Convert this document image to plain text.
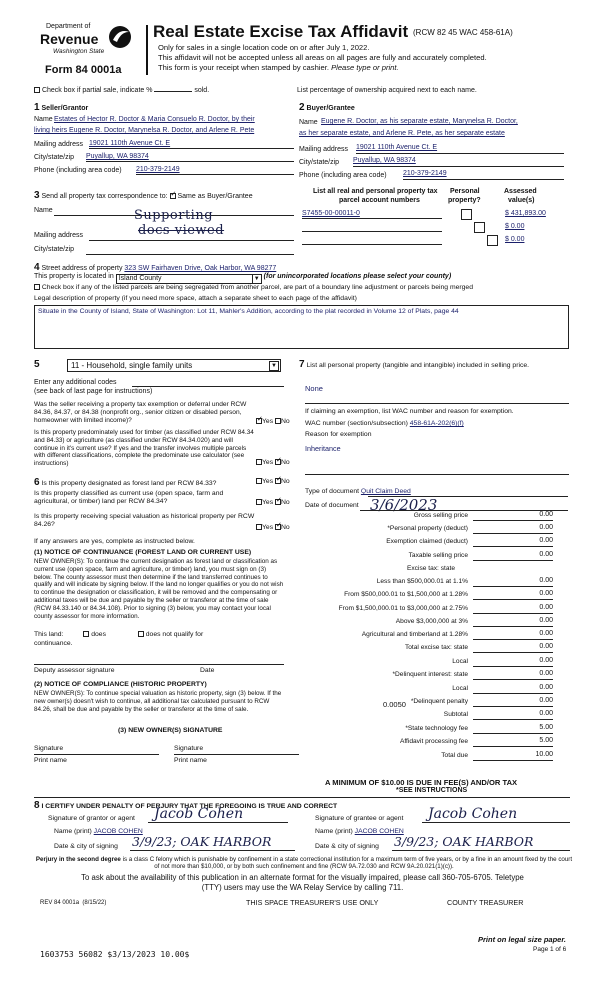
Department of
Revenue
Washington State
Form 84 0001a
Real Estate Excise Tax Affidavit (RCW 82 45 WAC 458-61A)
Only for sales in a single location code on or after July 1, 2022.
This affidavit will not be accepted unless all areas on all pages are fully and accurately completed.
This form is your receipt when stamped by cashier. Please type or print.
Check box if partial sale, indicate %	sold.	List percentage of ownership acquired next to each name.
1 Seller/Grantor
Name Estates of Hector R. Doctor & Maria Consuelo R. Doctor, by their
living heirs Eugene R. Doctor, Marynelsa R. Doctor, and Arlene R. Pete
Mailing address 19021 110th Avenue Ct. E
City/state/zip Puyallup, WA 98374
Phone (including area code) 210-379-2149
2 Buyer/Grantee
Name Eugene R. Doctor, as his separate estate, Marynelsa R. Doctor,
as her separate estate, and Arlene R. Pete, as her separate estate
Mailing address 19021 110th Avenue Ct. E
City/state/zip Puyallup, WA 98374
Phone (including area code) 210-379-2149
3 Send all property tax correspondence to: ✓ Same as Buyer/Grantee
Name
Mailing address
City/state/zip
Supporting
docs viewed
List all real and personal property tax
parcel account numbers
Personal
property?
Assessed
value(s)
S7455-00-00011-0
	$ 431,893.00

$ 0.00
$ 0.00
4 Street address of property 323 SW Fairhaven Drive, Oak Harbor, WA 98277
This property is located in Island County	▼ (for unincorporated locations please select your county)
Check box if any of the listed parcels are being segregated from another parcel, are part of a boundary line adjustment or parcels being merged
Legal description of property (if you need more space, attach a separate sheet to each page of the affidavit)
Situate in the County of Island, State of Washington: Lot 11, Mahler's Addition, according to the plat recorded in Volume 12 of Plats, page 44
5	11 - Household, single family units	▼
Enter any additional codes
(see back of last page for instructions)
Was the seller receiving a property tax exemption or deferral under RCW 84.36, 84.37, or 84.38 (nonprofit org., senior citizen or disabled person, homeowner with limited income)? ✓	Yes No
Is this property predominately used for timber (as classified under RCW 84.34 and 84.33) or agriculture (as classified under RCW 84.34.020) and will continue in it's current use? If yes and the transfer involves multiple parcels with different classifications, complete the predominate use calculator (see instructions)	Yes ✓ No
6 Is this property designated as forest land per RCW 84.33?	Yes ✓ No
Is this property classified as current use (open space, farm and agricultural, or timber) land per RCW 84.34?	Yes ✓ No
Is this property receiving special valuation as historical property per RCW 84.26?	Yes ✓ No
If any answers are yes, complete as instructed below.
(1) NOTICE OF CONTINUANCE (FOREST LAND OR CURRENT USE)
NEW OWNER(S): To continue the current designation as forest land or classification as current use (open space, farm and agriculture, or timber) land, you must sign on (3) below. The county assessor must then determine if the land transferred continues to qualify and will indicate by signing below. If the land no longer qualifies or you do not wish to continue the designation or classification, it will be removed and the compensating or additional taxes will be due and payable by the seller or transferor at the time of sale (RCW 84.33.140 or 84.34.108). Prior to signing (3) below, you may contact your local county assessor for more information.
This land:	does	does not qualify for
continuance.
Deputy assessor signature	Date
(2) NOTICE OF COMPLIANCE (HISTORIC PROPERTY)
NEW OWNER(S): To continue special valuation as historic property, sign (3) below. If the new owner(s) doesn't wish to continue, all additional tax calculated pursuant to RCW 84.26, shall be due and payable by the seller or transferor at the time of sale.
(3) NEW OWNER(S) SIGNATURE
Signature
Print name
Signature
Print name
7 List all personal property (tangible and intangible) included in selling price.
None
If claiming an exemption, list WAC number and reason for exemption.
WAC number (section/subsection) 458-61A-202(6)(f)
Reason for exemption
Inheritance
Type of document Quit Claim Deed
Date of document 3/6/2023
Gross selling price	0.00
*Personal property (deduct)	0.00
Exemption claimed (deduct)	0.00
Taxable selling price	0.00
Excise tax: state
Less than $500,000.01 at 1.1%	0.00
From $500,000.01 to $1,500,000 at 1.28%	0.00
From $1,500,000.01 to $3,000,000 at 2.75%	0.00
Above $3,000,000 at 3%	0.00
Agricultural and timberland at 1.28%	0.00
Total excise tax: state	0.00
Local	0.00
*Delinquent interest: state	0.00
Local	0.00
*Delinquent penalty	0.00
Subtotal	0.00
*State technology fee	5.00
Affidavit processing fee	5.00
Total due	10.00
0.0050
A MINIMUM OF $10.00 IS DUE IN FEE(S) AND/OR TAX
*SEE INSTRUCTIONS
8 I CERTIFY UNDER PENALTY OF PERJURY THAT THE FOREGOING IS TRUE AND CORRECT
Signature of grantor or agent Jacob Cohen	Signature of grantee or agent Jacob Cohen
Name (print) JACOB COHEN	Name (print) JACOB COHEN
Date & city of signing 3/9/23; OAK HARBOR	Date & city of signing 3/9/23; OAK HARBOR
Perjury in the second degree is a class C felony which is punishable by confinement in a state correctional institution for a maximum term of five years, or by a fine in an amount fixed by the court of not more than $10,000, or by both such confinement and fine (RCW 9A.72.030 and RCW 9A.20.021(1)(c)).
To ask about the availability of this publication in an alternate format for the visually impaired, please call 360-705-6705. Teletype
(TTY) users may use the WA Relay Service by calling 711.
REV 84 0001a  (8/15/22)	THIS SPACE TREASURER'S USE ONLY	COUNTY TREASURER
Print on legal size paper.
Page 1 of 6
1603753 56082 $3/13/2023 10.00$
